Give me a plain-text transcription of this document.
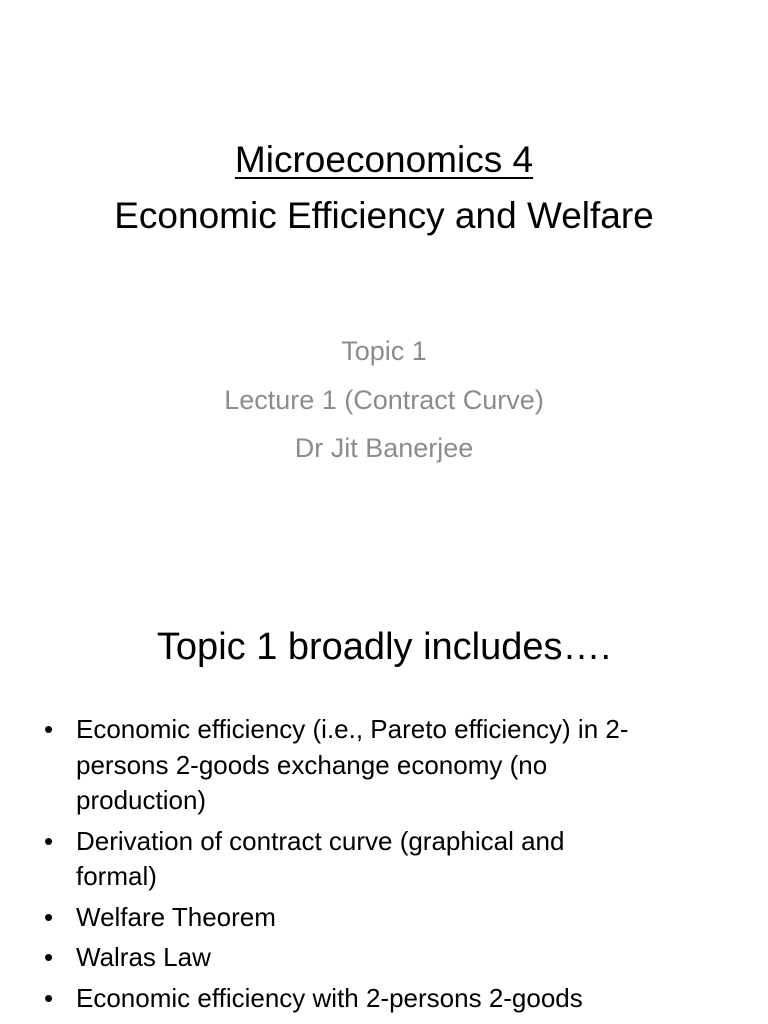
Microeconomics 4
Economic Efficiency and Welfare
Topic 1
Lecture 1 (Contract Curve)
Dr Jit Banerjee
Topic 1 broadly includes….
• Economic efficiency (i.e., Pareto efficiency) in 2-
persons 2-goods exchange economy (no
production)
• Derivation of contract curve (graphical and
formal)
• Welfare Theorem
• Walras Law
• Economic efficiency with 2-persons 2-goods
